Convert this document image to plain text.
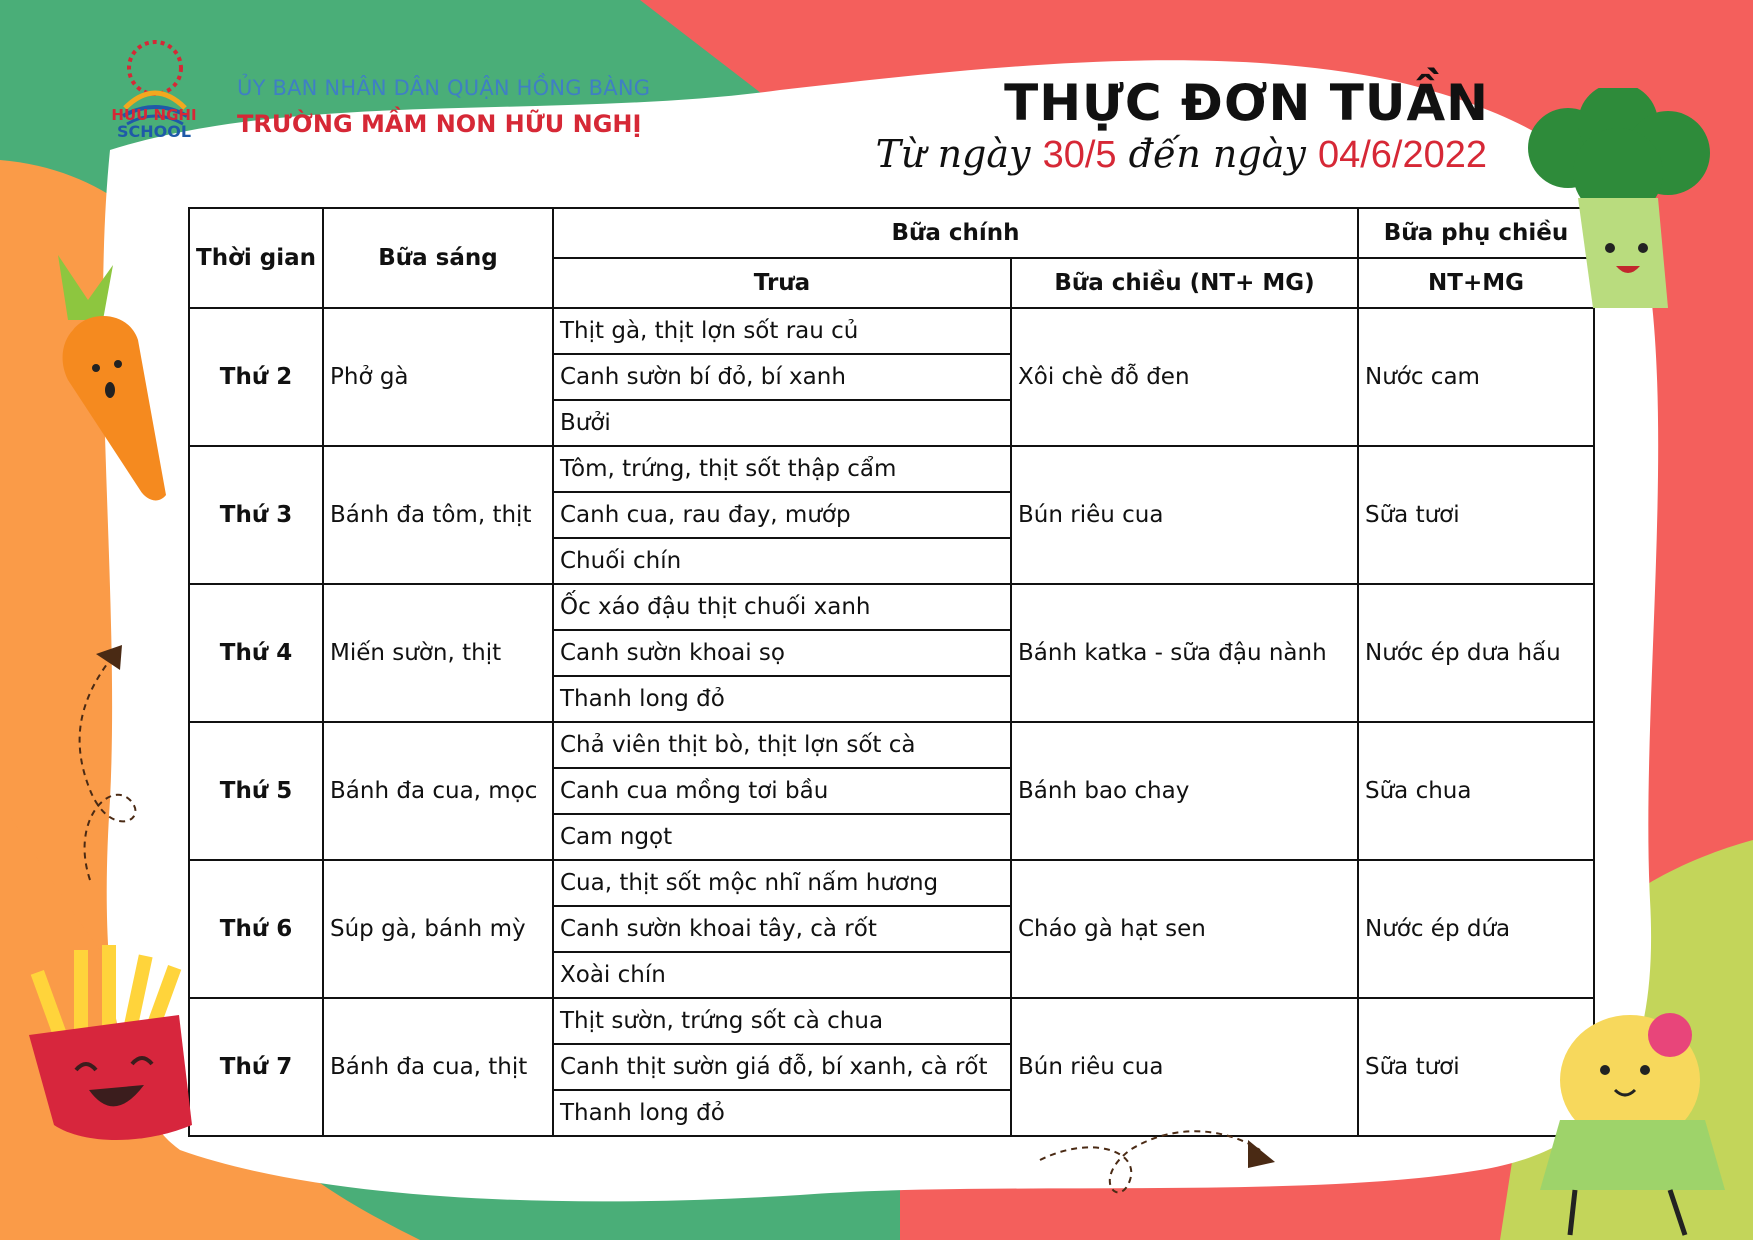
HUU NGHI
SCHOOL
ỦY BAN NHÂN DÂN QUẬN HỒNG BÀNG
TRƯỜNG MẦM NON HỮU NGHỊ	THỰC ĐƠN TUẦN
Từ ngày 30/5 đến ngày 04/6/2022
Thời gian	Bữa sáng	Bữa chính		Bữa phụ chiều
		Trưa	Bữa chiều (NT+ MG)	NT+MG
Thứ 2	Phở gà	Thịt gà, thịt lợn sốt rau củ	Xôi chè đỗ đen	Nước cam
		Canh sườn bí đỏ, bí xanh		
		Bưởi		
Thứ 3	Bánh đa tôm, thịt	Tôm, trứng, thịt sốt thập cẩm	Bún riêu cua	Sữa tươi
		Canh cua, rau đay, mướp		
		Chuối chín		
Thứ 4	Miến sườn, thịt	Ốc xáo đậu thịt chuối xanh	Bánh katka - sữa đậu nành	Nước ép dưa hấu
		Canh sườn khoai sọ		
		Thanh long đỏ		
Thứ 5	Bánh đa cua, mọc	Chả viên thịt bò, thịt lợn sốt cà	Bánh bao chay	Sữa chua
		Canh cua mồng tơi bầu		
		Cam ngọt		
Thứ 6	Súp gà, bánh mỳ	Cua, thịt sốt mộc nhĩ nấm hương	Cháo gà hạt sen	Nước ép dứa
		Canh sườn khoai tây, cà rốt		
		Xoài chín		
Thứ 7	Bánh đa cua, thịt	Thịt sườn, trứng sốt cà chua	Bún riêu cua	Sữa tươi
		Canh thịt sườn giá đỗ, bí xanh, cà rốt		
		Thanh long đỏ		
